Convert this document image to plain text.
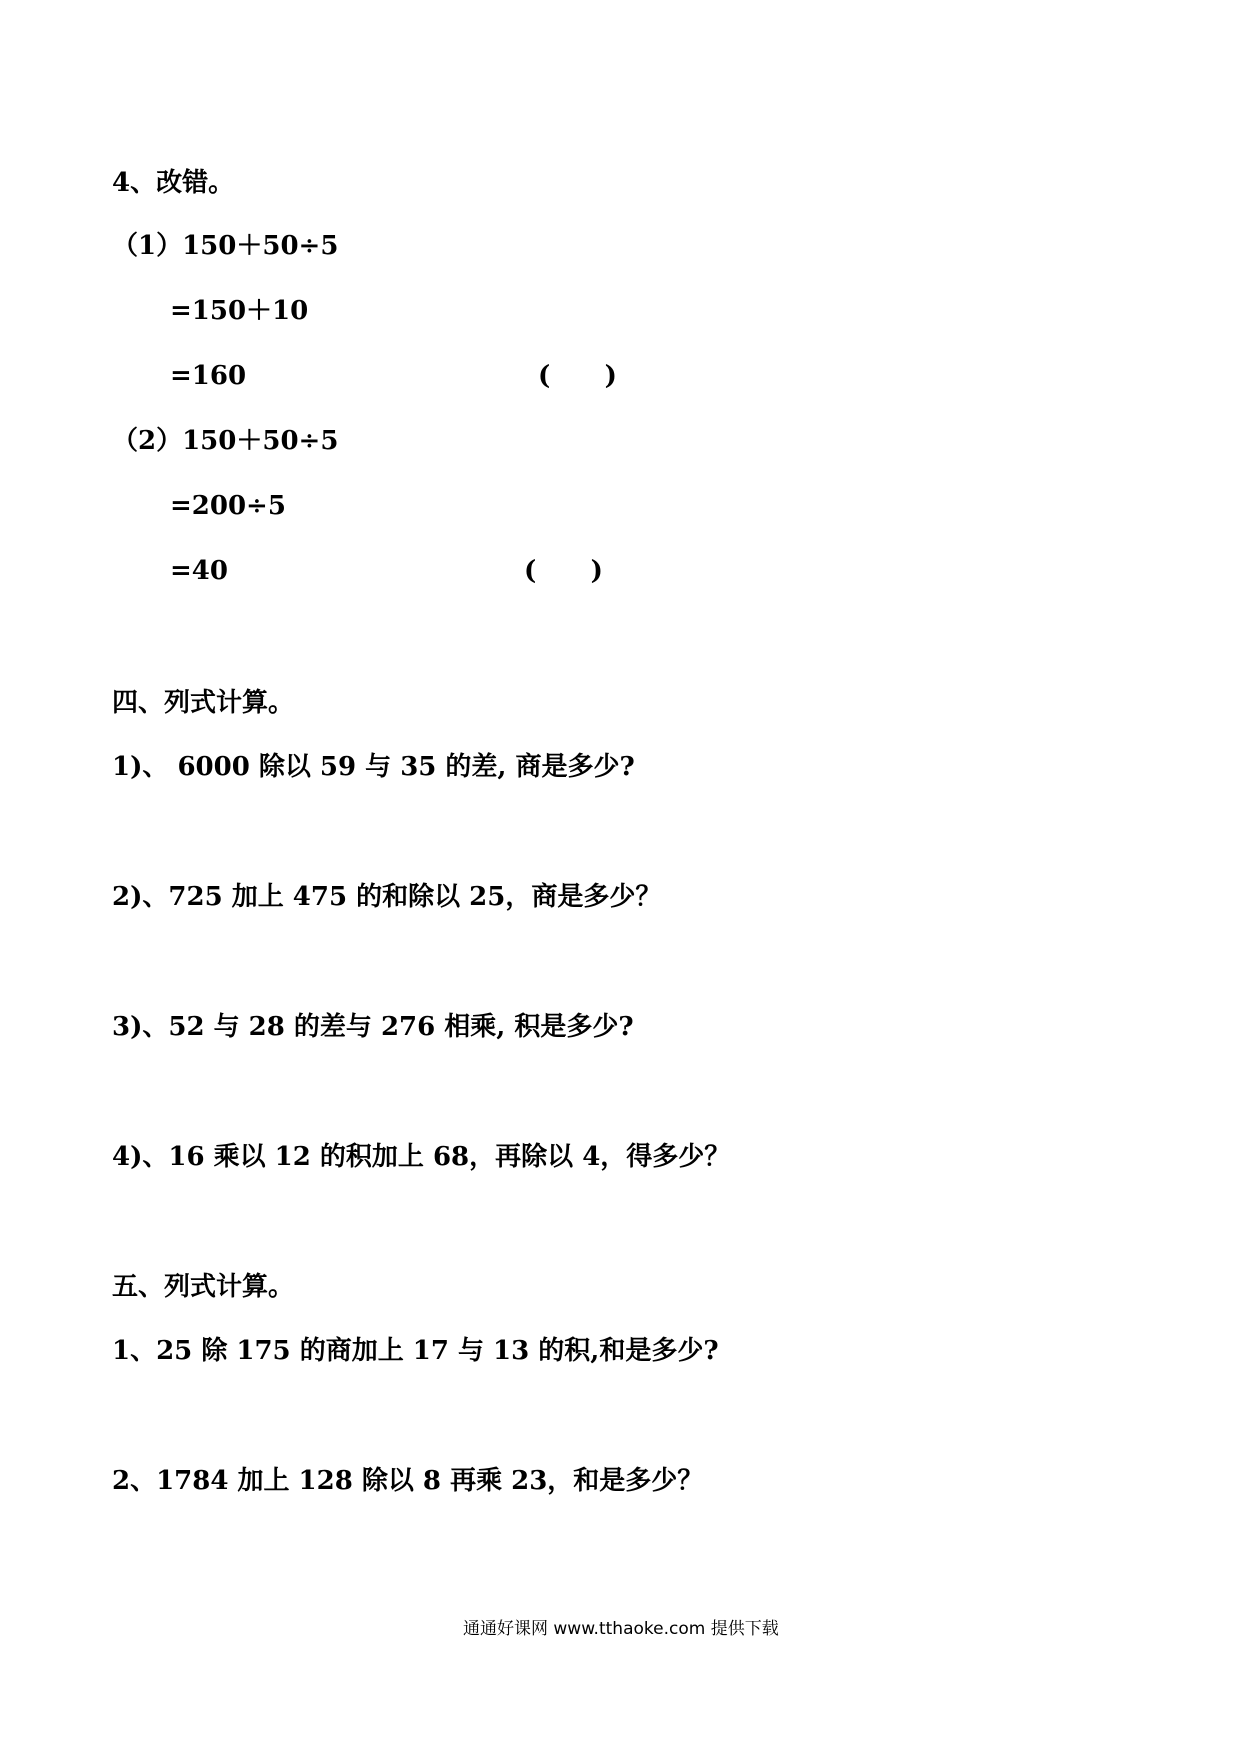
4、改错。
（1）150＋50÷5
=150＋10
=160	(      )
（2）150＋50÷5
=200÷5
=40	(      )
四、列式计算。
1)、 6000 除以 59 与 35 的差, 商是多少?
2)、725 加上 475 的和除以 25，商是多少？
3)、52 与 28 的差与 276 相乘, 积是多少?
4)、16 乘以 12 的积加上 68，再除以 4，得多少？
五、列式计算。
1、25 除 175 的商加上 17 与 13 的积,和是多少?
2、1784 加上 128 除以 8 再乘 23，和是多少？
通通好课网 www.tthaoke.com 提供下载
